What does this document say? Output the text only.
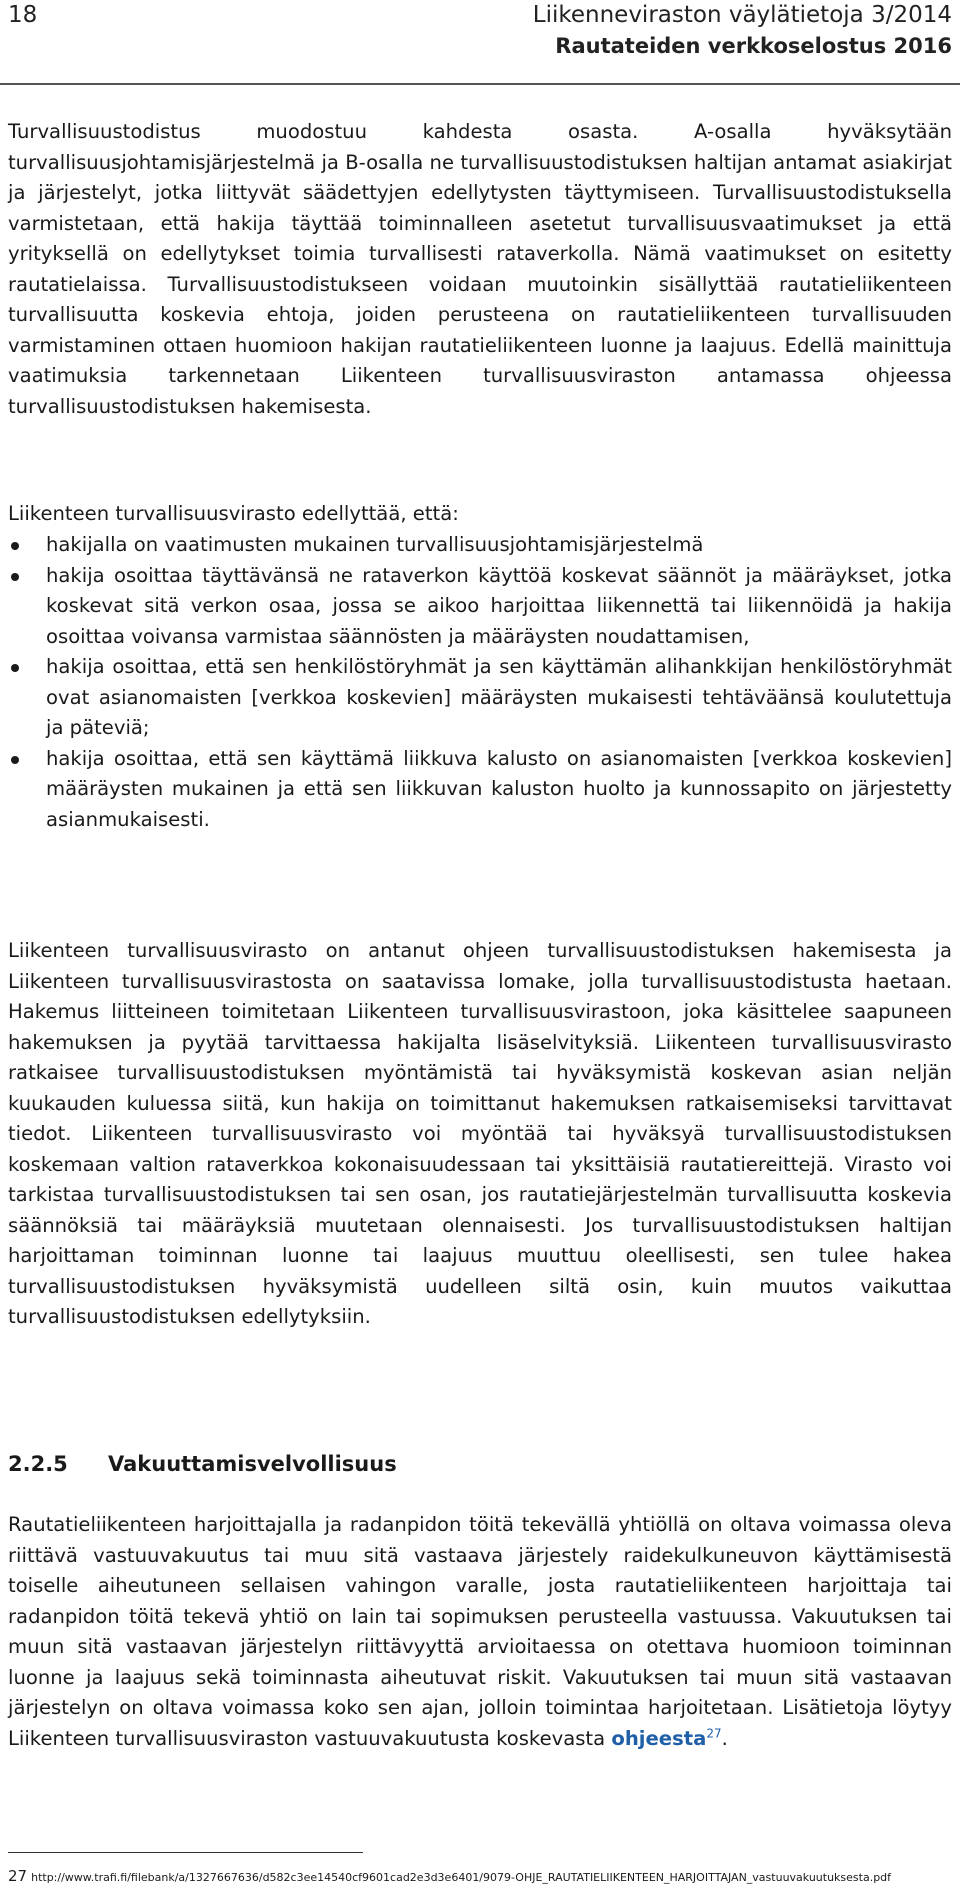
18	Liikenneviraston väylätietoja 3/2014
Rautateiden verkkoselostus 2016

Turvallisuustodistus muodostuu kahdesta osasta. A-osalla hyväksytään turvallisuusjohtamisjärjestelmä ja B-osalla ne turvallisuustodistuksen haltijan antamat asiakirjat ja järjestelyt, jotka liittyvät säädettyjen edellytysten täyttymiseen. Turvallisuustodistuksella varmistetaan, että hakija täyttää toiminnalleen asetetut turvallisuusvaatimukset ja että yrityksellä on edellytykset toimia turvallisesti rataverkolla. Nämä vaatimukset on esitetty rautatielaissa. Turvallisuustodistukseen voidaan muutoinkin sisällyttää rautatieliikenteen turvallisuutta koskevia ehtoja, joiden perusteena on rautatieliikenteen turvallisuuden varmistaminen ottaen huomioon hakijan rautatieliikenteen luonne ja laajuus. Edellä mainittuja vaatimuksia tarkennetaan Liikenteen turvallisuusviraston antamassa ohjeessa turvallisuustodistuksen hakemisesta.

Liikenteen turvallisuusvirasto edellyttää, että:
hakijalla on vaatimusten mukainen turvallisuusjohtamisjärjestelmä
hakija osoittaa täyttävänsä ne rataverkon käyttöä koskevat säännöt ja määräykset, jotka koskevat sitä verkon osaa, jossa se aikoo harjoittaa liikennettä tai liikennöidä ja hakija osoittaa voivansa varmistaa säännösten ja määräysten noudattamisen,
hakija osoittaa, että sen henkilöstöryhmät ja sen käyttämän alihankkijan henkilöstöryhmät ovat asianomaisten [verkkoa koskevien] määräysten mukaisesti tehtäväänsä koulutettuja ja päteviä;
hakija osoittaa, että sen käyttämä liikkuva kalusto on asianomaisten [verkkoa koskevien] määräysten mukainen ja että sen liikkuvan kaluston huolto ja kunnossapito on järjestetty asianmukaisesti.

Liikenteen turvallisuusvirasto on antanut ohjeen turvallisuustodistuksen hakemisesta ja Liikenteen turvallisuusvirastosta on saatavissa lomake, jolla turvallisuustodistusta haetaan. Hakemus liitteineen toimitetaan Liikenteen turvallisuusvirastoon, joka käsittelee saapuneen hakemuksen ja pyytää tarvittaessa hakijalta lisäselvityksiä. Liikenteen turvallisuusvirasto ratkaisee turvallisuustodistuksen myöntämistä tai hyväksymistä koskevan asian neljän kuukauden kuluessa siitä, kun hakija on toimittanut hakemuksen ratkaisemiseksi tarvittavat tiedot. Liikenteen turvallisuusvirasto voi myöntää tai hyväksyä turvallisuustodistuksen koskemaan valtion rataverkkoa kokonaisuudessaan tai yksittäisiä rautatiereittejä. Virasto voi tarkistaa turvallisuustodistuksen tai sen osan, jos rautatiejärjestelmän turvallisuutta koskevia säännöksiä tai määräyksiä muutetaan olennaisesti. Jos turvallisuustodistuksen haltijan harjoittaman toiminnan luonne tai laajuus muuttuu oleellisesti, sen tulee hakea turvallisuustodistuksen hyväksymistä uudelleen siltä osin, kuin muutos vaikuttaa turvallisuustodistuksen edellytyksiin.

2.2.5 Vakuuttamisvelvollisuus

Rautatieliikenteen harjoittajalla ja radanpidon töitä tekevällä yhtiöllä on oltava voimassa oleva riittävä vastuuvakuutus tai muu sitä vastaava järjestely raidekulkuneuvon käyttämisestä toiselle aiheutuneen sellaisen vahingon varalle, josta rautatieliikenteen harjoittaja tai radanpidon töitä tekevä yhtiö on lain tai sopimuksen perusteella vastuussa. Vakuutuksen tai muun sitä vastaavan järjestelyn riittävyyttä arvioitaessa on otettava huomioon toiminnan luonne ja laajuus sekä toiminnasta aiheutuvat riskit. Vakuutuksen tai muun sitä vastaavan järjestelyn on oltava voimassa koko sen ajan, jolloin toimintaa harjoitetaan. Lisätietoja löytyy Liikenteen turvallisuusviraston vastuuvakuutusta koskevasta ohjeesta$^{27}$.

27 http://www.trafi.fi/filebank/a/1327667636/d582c3ee14540cf9601cad2e3d3e6401/9079-OHJE_RAUTATIELIIKENTEEN_HARJOITTAJAN_vastuuvakuutuksesta.pdf
